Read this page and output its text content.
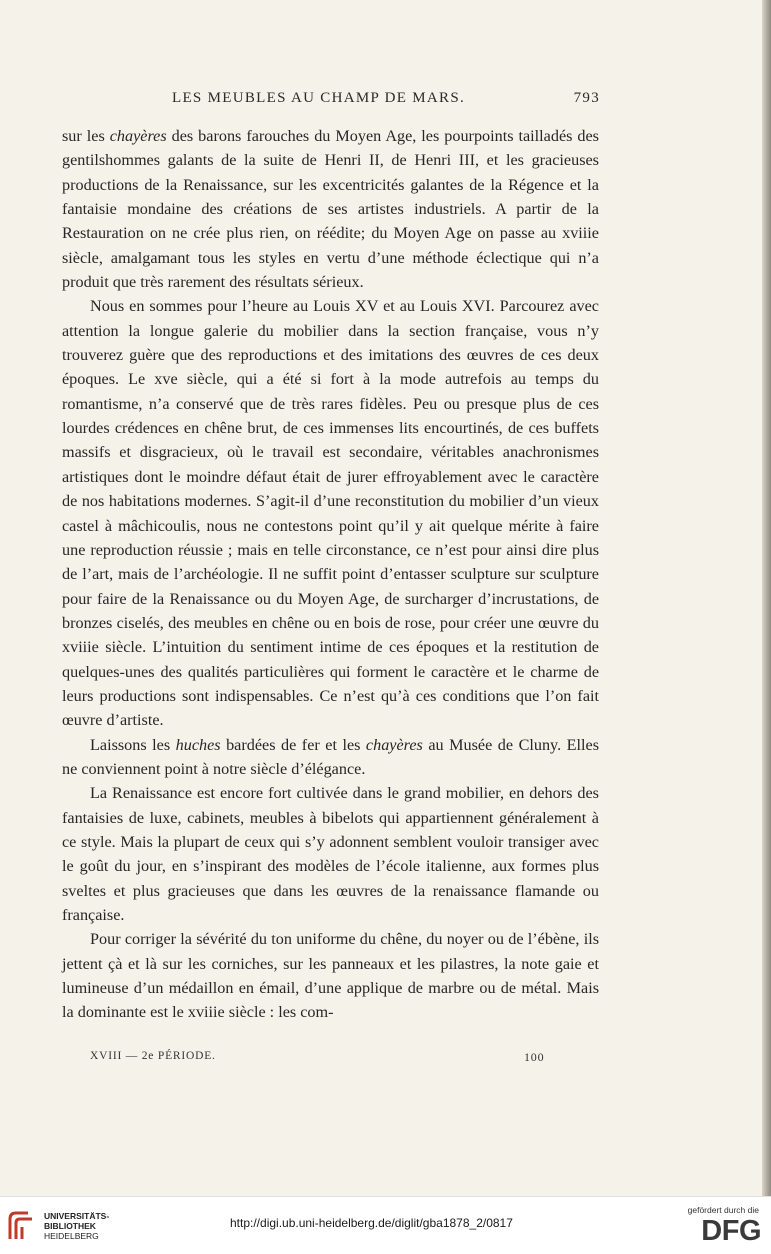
LES MEUBLES AU CHAMP DE MARS.	793

sur les chayères des barons farouches du Moyen Age, les pourpoints tailladés des gentilshommes galants de la suite de Henri II, de Henri III, et les gracieuses productions de la Renaissance, sur les excentricités galantes de la Régence et la fantaisie mondaine des créations de ses artistes industriels. A partir de la Restauration on ne crée plus rien, on réédite; du Moyen Age on passe au xviiie siècle, amalgamant tous les styles en vertu d’une méthode éclectique qui n’a produit que très rarement des résultats sérieux.

Nous en sommes pour l’heure au Louis XV et au Louis XVI. Parcourez avec attention la longue galerie du mobilier dans la section française, vous n’y trouverez guère que des reproductions et des imitations des œuvres de ces deux époques. Le xve siècle, qui a été si fort à la mode autrefois au temps du romantisme, n’a conservé que de très rares fidèles. Peu ou presque plus de ces lourdes crédences en chêne brut, de ces immenses lits encourtinés, de ces buffets massifs et disgracieux, où le travail est secondaire, véritables anachronismes artistiques dont le moindre défaut était de jurer effroyablement avec le caractère de nos habitations modernes. S’agit-il d’une reconstitution du mobilier d’un vieux castel à mâchicoulis, nous ne contestons point qu’il y ait quelque mérite à faire une reproduction réussie ; mais en telle circonstance, ce n’est pour ainsi dire plus de l’art, mais de l’archéologie. Il ne suffit point d’entasser sculpture sur sculpture pour faire de la Renaissance ou du Moyen Age, de surcharger d’incrustations, de bronzes ciselés, des meubles en chêne ou en bois de rose, pour créer une œuvre du xviiie siècle. L’intuition du sentiment intime de ces époques et la restitution de quelques-unes des qualités particulières qui forment le caractère et le charme de leurs productions sont indispensables. Ce n’est qu’à ces conditions que l’on fait œuvre d’artiste.

Laissons les huches bardées de fer et les chayères au Musée de Cluny. Elles ne conviennent point à notre siècle d’élégance.

La Renaissance est encore fort cultivée dans le grand mobilier, en dehors des fantaisies de luxe, cabinets, meubles à bibelots qui appartiennent généralement à ce style. Mais la plupart de ceux qui s’y adonnent semblent vouloir transiger avec le goût du jour, en s’inspirant des modèles de l’école italienne, aux formes plus sveltes et plus gracieuses que dans les œuvres de la renaissance flamande ou française.

Pour corriger la sévérité du ton uniforme du chêne, du noyer ou de l’ébène, ils jettent çà et là sur les corniches, sur les panneaux et les pilastres, la note gaie et lumineuse d’un médaillon en émail, d’une applique de marbre ou de métal. Mais la dominante est le xviiie siècle : les com-

XVIII — 2e PÉRIODE.	100
UNIVERSITÄTS-
BIBLIOTHEK
HEIDELBERG
http://digi.ub.uni-heidelberg.de/diglit/gba1878_2/0817
gefördert durch die
DFG
